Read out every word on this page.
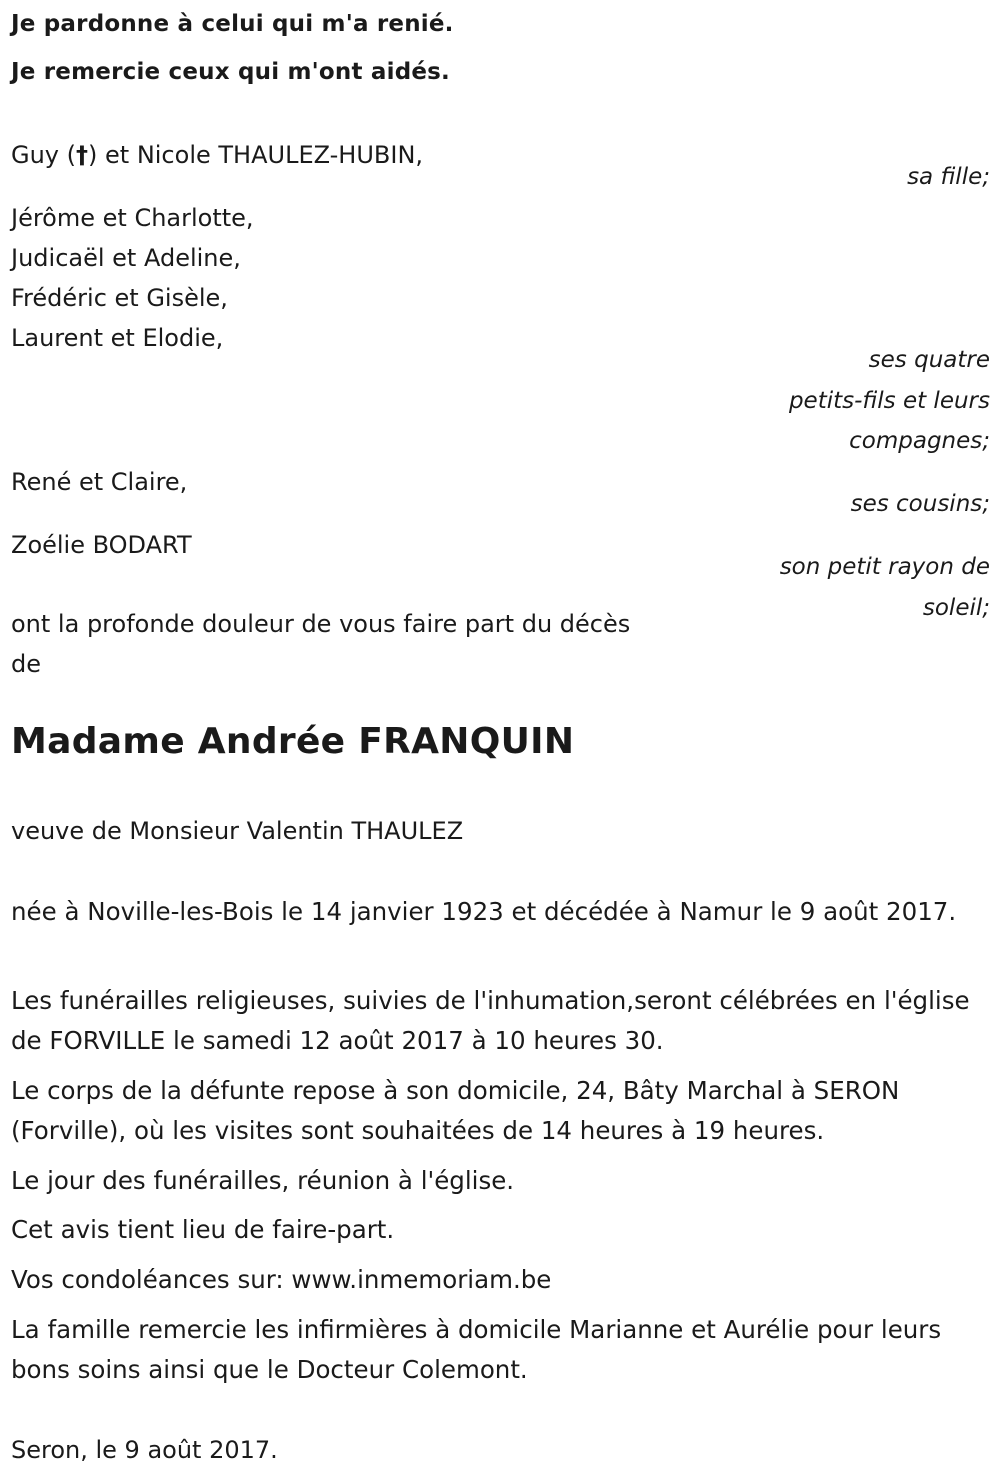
Je pardonne à celui qui m'a renié.
Je remercie ceux qui m'ont aidés.
Guy (†) et Nicole THAULEZ-HUBIN,
sa fille;
Jérôme et Charlotte,
Judicaël et Adeline,
Frédéric et Gisèle,
Laurent et Elodie,
ses quatre
petits-fils et leurs
compagnes;
René et Claire,
ses cousins;
Zoélie BODART
son petit rayon de
soleil;
ont la profonde douleur de vous faire part du décès
de
Madame Andrée FRANQUIN
veuve de Monsieur Valentin THAULEZ
née à Noville-les-Bois le 14 janvier 1923 et décédée à Namur le 9 août 2017.
Les funérailles religieuses, suivies de l'inhumation,seront célébrées en l'église de FORVILLE le samedi 12 août 2017 à 10 heures 30.
Le corps de la défunte repose à son domicile, 24, Bâty Marchal à SERON (Forville), où les visites sont souhaitées de 14 heures à 19 heures.
Le jour des funérailles, réunion à l'église.
Cet avis tient lieu de faire-part.
Vos condoléances sur: www.inmemoriam.be
La famille remercie les infirmières à domicile Marianne et Aurélie pour leurs bons soins ainsi que le Docteur Colemont.
Seron, le 9 août 2017.
